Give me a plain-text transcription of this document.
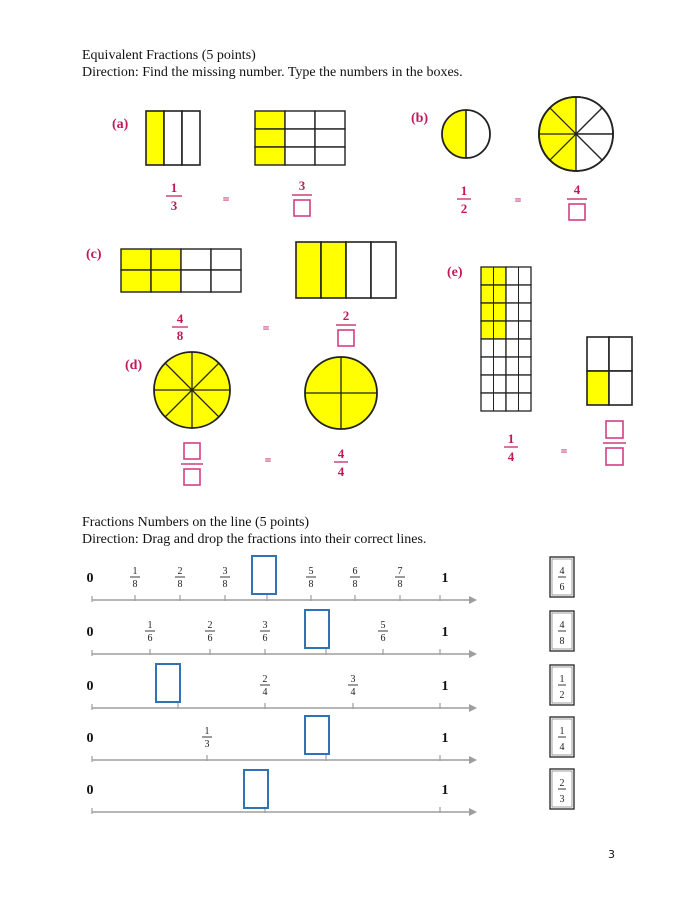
Equivalent Fractions (5 points)
Direction: Find the missing number. Type the numbers in the boxes.
(a)	(b)
(c)
(d)
(e)
1
3	=
3	1
2
=
4
4
8	=
2
=	4
4
1
4	=
Fractions Numbers on the line (5 points)
Direction: Drag and drop the fractions into their correct lines.
0	1
1
8
2
8
3
8
5
8
6
8
7
8
0	1
1
6
2
6
3
6
5
6
0	1
2
4
3
4
0	1
1
3
0	1
4
6
4
8
1
2
1
4
2
3
3
